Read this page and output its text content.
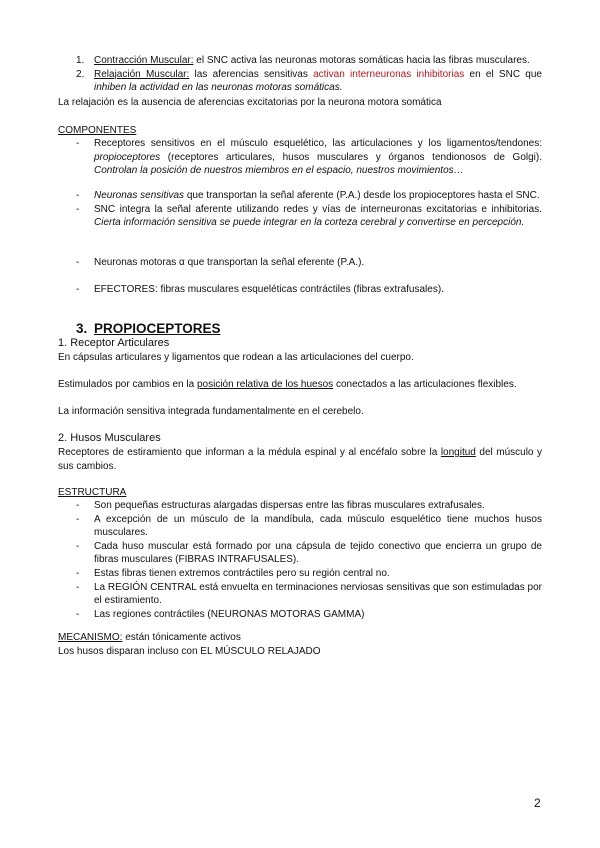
1. Contracción Muscular: el SNC activa las neuronas motoras somáticas hacia las fibras musculares.
2. Relajación Muscular: las aferencias sensitivas activan interneuronas inhibitorias en el SNC que inhiben la actividad en las neuronas motoras somáticas.
La relajación es la ausencia de aferencias excitatorias por la neurona motora somática
COMPONENTES
- Receptores sensitivos en el músculo esquelético, las articulaciones y los ligamentos/tendones: propioceptores (receptores articulares, husos musculares y órganos tendionosos de Golgi). Controlan la posición de nuestros miembros en el espacio, nuestros movimientos…
- Neuronas sensitivas que transportan la señal aferente (P.A.) desde los propioceptores hasta el SNC.
- SNC integra la señal aferente utilizando redes y vías de interneuronas excitatorias e inhibitorias. Cierta información sensitiva se puede integrar en la corteza cerebral y convertirse en percepción.
- Neuronas motoras α que transportan la señal eferente (P.A.).
- EFECTORES: fibras musculares esqueléticas contráctiles (fibras extrafusales).
3. PROPIOCEPTORES
1. Receptor Articulares
En cápsulas articulares y ligamentos que rodean a las articulaciones del cuerpo.
Estimulados por cambios en la posición relativa de los huesos conectados a las articulaciones flexibles.
La información sensitiva integrada fundamentalmente en el cerebelo.
2. Husos Musculares
Receptores de estiramiento que informan a la médula espinal y al encéfalo sobre la longitud del músculo y sus cambios.
ESTRUCTURA
- Son pequeñas estructuras alargadas dispersas entre las fibras musculares extrafusales.
- A excepción de un músculo de la mandíbula, cada músculo esquelético tiene muchos husos musculares.
- Cada huso muscular está formado por una cápsula de tejido conectivo que encierra un grupo de fibras musculares (FIBRAS INTRAFUSALES).
- Estas fibras tienen extremos contráctiles pero su región central no.
- La REGIÓN CENTRAL está envuelta en terminaciones nerviosas sensitivas que son estimuladas por el estiramiento.
- Las regiones contráctiles (NEURONAS MOTORAS GAMMA)
MECANISMO: están tónicamente activos
Los husos disparan incluso con EL MÚSCULO RELAJADO
2
